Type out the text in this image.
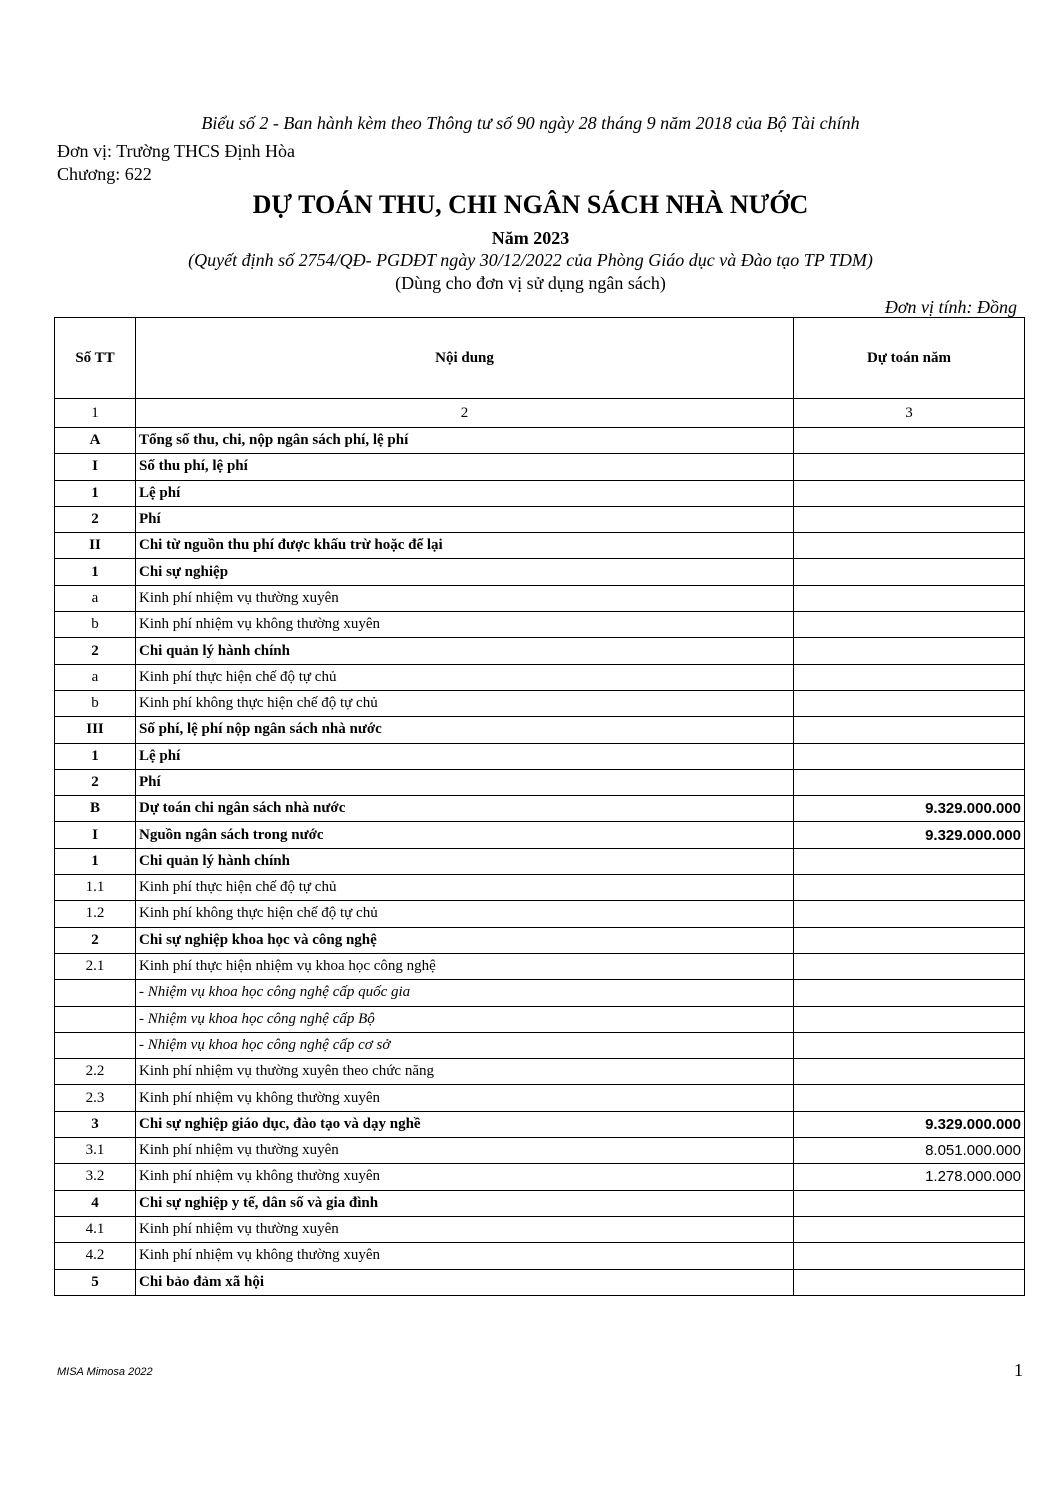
Biểu số 2 - Ban hành kèm theo Thông tư số 90 ngày 28 tháng 9 năm 2018 của Bộ Tài chính
Đơn vị: Trường THCS Định Hòa
Chương: 622
DỰ TOÁN THU, CHI NGÂN SÁCH NHÀ NƯỚC
Năm 2023
(Quyết định số 2754/QĐ- PGDĐT ngày 30/12/2022 của Phòng Giáo dục và Đào tạo TP TDM)
(Dùng cho đơn vị sử dụng ngân sách)
Đơn vị tính: Đồng
Số TT	Nội dung	Dự toán năm
1	2	3
A	Tổng số thu, chi, nộp ngân sách phí, lệ phí	
I	Số thu phí, lệ phí	
1	Lệ phí	
2	Phí	
II	Chi từ nguồn thu phí được khấu trừ hoặc để lại	
1	Chi sự nghiệp	
a	Kinh phí nhiệm vụ thường xuyên	
b	Kinh phí nhiệm vụ không thường xuyên	
2	Chi quản lý hành chính	
a	Kinh phí thực hiện chế độ tự chủ	
b	Kinh phí không thực hiện chế độ tự chủ	
III	Số phí, lệ phí nộp ngân sách nhà nước	
1	Lệ phí	
2	Phí	
B	Dự toán chi ngân sách nhà nước	9.329.000.000
I	Nguồn ngân sách trong nước	9.329.000.000
1	Chi quản lý hành chính	
1.1	Kinh phí thực hiện chế độ tự chủ	
1.2	Kinh phí không thực hiện chế độ tự chủ	
2	Chi sự nghiệp khoa học và công nghệ	
2.1	Kinh phí thực hiện nhiệm vụ khoa học công nghệ	
	- Nhiệm vụ khoa học công nghệ cấp quốc gia	
	- Nhiệm vụ khoa học công nghệ cấp Bộ	
	- Nhiệm vụ khoa học công nghệ cấp cơ sở	
2.2	Kinh phí nhiệm vụ thường xuyên theo chức năng	
2.3	Kinh phí nhiệm vụ không thường xuyên	
3	Chi sự nghiệp giáo dục, đào tạo và dạy nghề	9.329.000.000
3.1	Kinh phí nhiệm vụ thường xuyên	8.051.000.000
3.2	Kinh phí nhiệm vụ không thường xuyên	1.278.000.000
4	Chi sự nghiệp y tế, dân số và gia đình	
4.1	Kinh phí nhiệm vụ thường xuyên	
4.2	Kinh phí nhiệm vụ không thường xuyên	
5	Chi bảo đảm xã hội	
MISA Mimosa 2022	1
